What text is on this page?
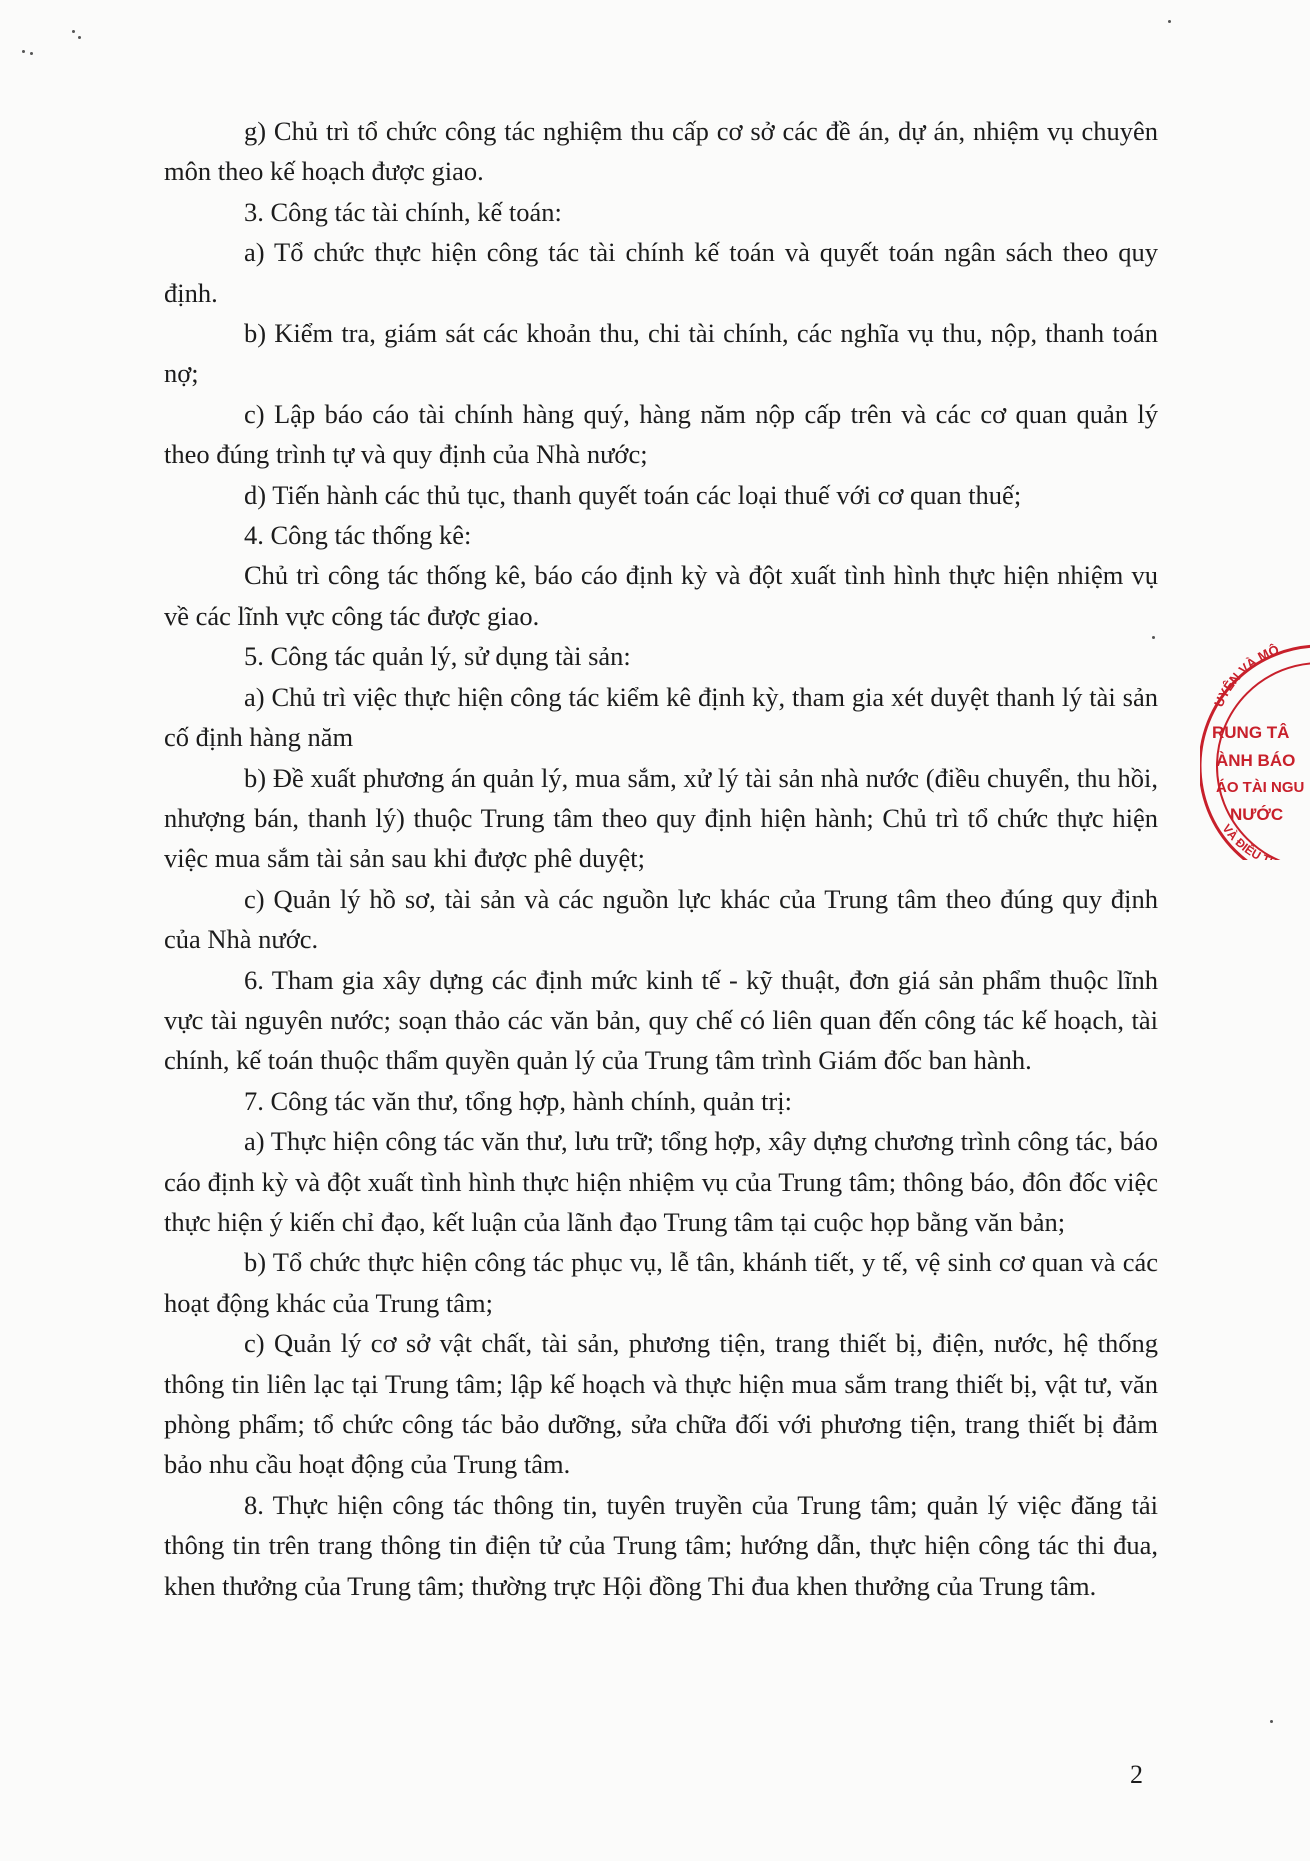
g) Chủ trì tổ chức công tác nghiệm thu cấp cơ sở các đề án, dự án, nhiệm vụ chuyên môn theo kế hoạch được giao.

3. Công tác tài chính, kế toán:

a) Tổ chức thực hiện công tác tài chính kế toán và quyết toán ngân sách theo quy định.

b) Kiểm tra, giám sát các khoản thu, chi tài chính, các nghĩa vụ thu, nộp, thanh toán nợ;

c) Lập báo cáo tài chính hàng quý, hàng năm nộp cấp trên và các cơ quan quản lý theo đúng trình tự và quy định của Nhà nước;

d) Tiến hành các thủ tục, thanh quyết toán các loại thuế với cơ quan thuế;

4. Công tác thống kê:

Chủ trì công tác thống kê, báo cáo định kỳ và đột xuất tình hình thực hiện nhiệm vụ về các lĩnh vực công tác được giao.

5. Công tác quản lý, sử dụng tài sản:

a) Chủ trì việc thực hiện công tác kiểm kê định kỳ, tham gia xét duyệt thanh lý tài sản cố định hàng năm

b) Đề xuất phương án quản lý, mua sắm, xử lý tài sản nhà nước (điều chuyển, thu hồi, nhượng bán, thanh lý) thuộc Trung tâm theo quy định hiện hành; Chủ trì tổ chức thực hiện việc mua sắm tài sản sau khi được phê duyệt;

c) Quản lý hồ sơ, tài sản và các nguồn lực khác của Trung tâm theo đúng quy định của Nhà nước.

6. Tham gia xây dựng các định mức kinh tế - kỹ thuật, đơn giá sản phẩm thuộc lĩnh vực tài nguyên nước; soạn thảo các văn bản, quy chế có liên quan đến công tác kế hoạch, tài chính, kế toán thuộc thẩm quyền quản lý của Trung tâm trình Giám đốc ban hành.

7. Công tác văn thư, tổng hợp, hành chính, quản trị:

a) Thực hiện công tác văn thư, lưu trữ; tổng hợp, xây dựng chương trình công tác, báo cáo định kỳ và đột xuất tình hình thực hiện nhiệm vụ của Trung tâm; thông báo, đôn đốc việc thực hiện ý kiến chỉ đạo, kết luận của lãnh đạo Trung tâm tại cuộc họp bằng văn bản;

b) Tổ chức thực hiện công tác phục vụ, lễ tân, khánh tiết, y tế, vệ sinh cơ quan và các hoạt động khác của Trung tâm;

c) Quản lý cơ sở vật chất, tài sản, phương tiện, trang thiết bị, điện, nước, hệ thống thông tin liên lạc tại Trung tâm; lập kế hoạch và thực hiện mua sắm trang thiết bị, vật tư, văn phòng phẩm; tổ chức công tác bảo dưỡng, sửa chữa đối với phương tiện, trang thiết bị đảm bảo nhu cầu hoạt động của Trung tâm.

8. Thực hiện công tác thông tin, tuyên truyền của Trung tâm; quản lý việc đăng tải thông tin trên trang thông tin điện tử của Trung tâm; hướng dẫn, thực hiện công tác thi đua, khen thưởng của Trung tâm; thường trực Hội đồng Thi đua khen thưởng của Trung tâm.

2
UYÊN VÀ MÔ
RUNG TÂ
ÀNH BÁO
ÁO TÀI NGU
NƯỚC
VÀ ĐIỀU T
